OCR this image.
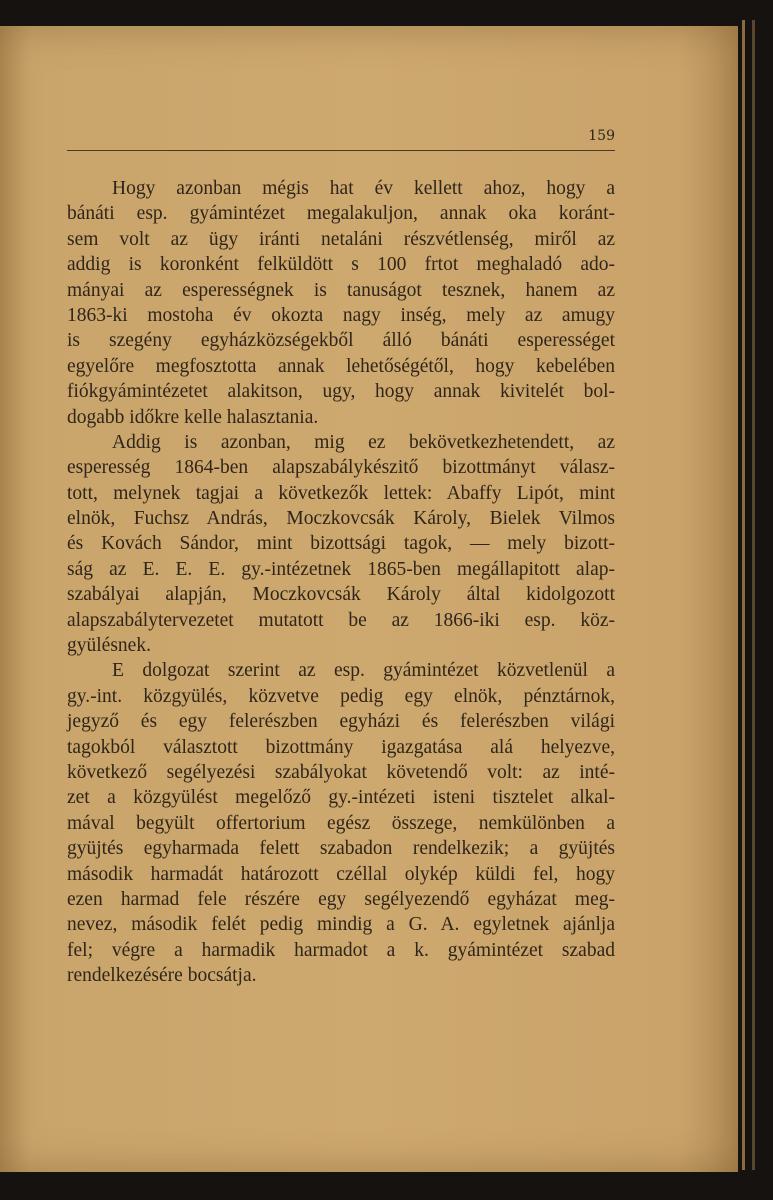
159
Hogy azonban mégis hat év kellett ahoz, hogy a
bánáti esp. gyámintézet megalakuljon, annak oka koránt-
sem volt az ügy iránti netaláni részvétlenség, miről az
addig is koronként felküldött s 100 frtot meghaladó ado-
mányai az esperességnek is tanuságot tesznek, hanem az
1863-ki mostoha év okozta nagy inség, mely az amugy
is szegény egyházközségekből álló bánáti esperességet
egyelőre megfosztotta annak lehetőségétől, hogy kebelében
fiókgyámintézetet alakitson, ugy, hogy annak kivitelét bol-
dogabb időkre kelle halasztania.
Addig is azonban, mig ez bekövetkezhetendett, az
esperesség 1864-ben alapszabálykészitő bizottmányt válasz-
tott, melynek tagjai a következők lettek: Abaffy Lipót, mint
elnök, Fuchsz András, Moczkovcsák Károly, Bielek Vilmos
és Kovách Sándor, mint bizottsági tagok, — mely bizott-
ság az E. E. E. gy.-intézetnek 1865-ben megállapitott alap-
szabályai alapján, Moczkovcsák Károly által kidolgozott
alapszabálytervezetet mutatott be az 1866-iki esp. köz-
gyülésnek.
E dolgozat szerint az esp. gyámintézet közvetlenül a
gy.-int. közgyülés, közvetve pedig egy elnök, pénztárnok,
jegyző és egy felerészben egyházi és felerészben világi
tagokból választott bizottmány igazgatása alá helyezve,
következő segélyezési szabályokat követendő volt: az inté-
zet a közgyülést megelőző gy.-intézeti isteni tisztelet alkal-
mával begyült offertorium egész összege, nemkülönben a
gyüjtés egyharmada felett szabadon rendelkezik; a gyüjtés
második harmadát határozott czéllal olykép küldi fel, hogy
ezen harmad fele részére egy segélyezendő egyházat meg-
nevez, második felét pedig mindig a G. A. egyletnek ajánlja
fel; végre a harmadik harmadot a k. gyámintézet szabad
rendelkezésére bocsátja.
